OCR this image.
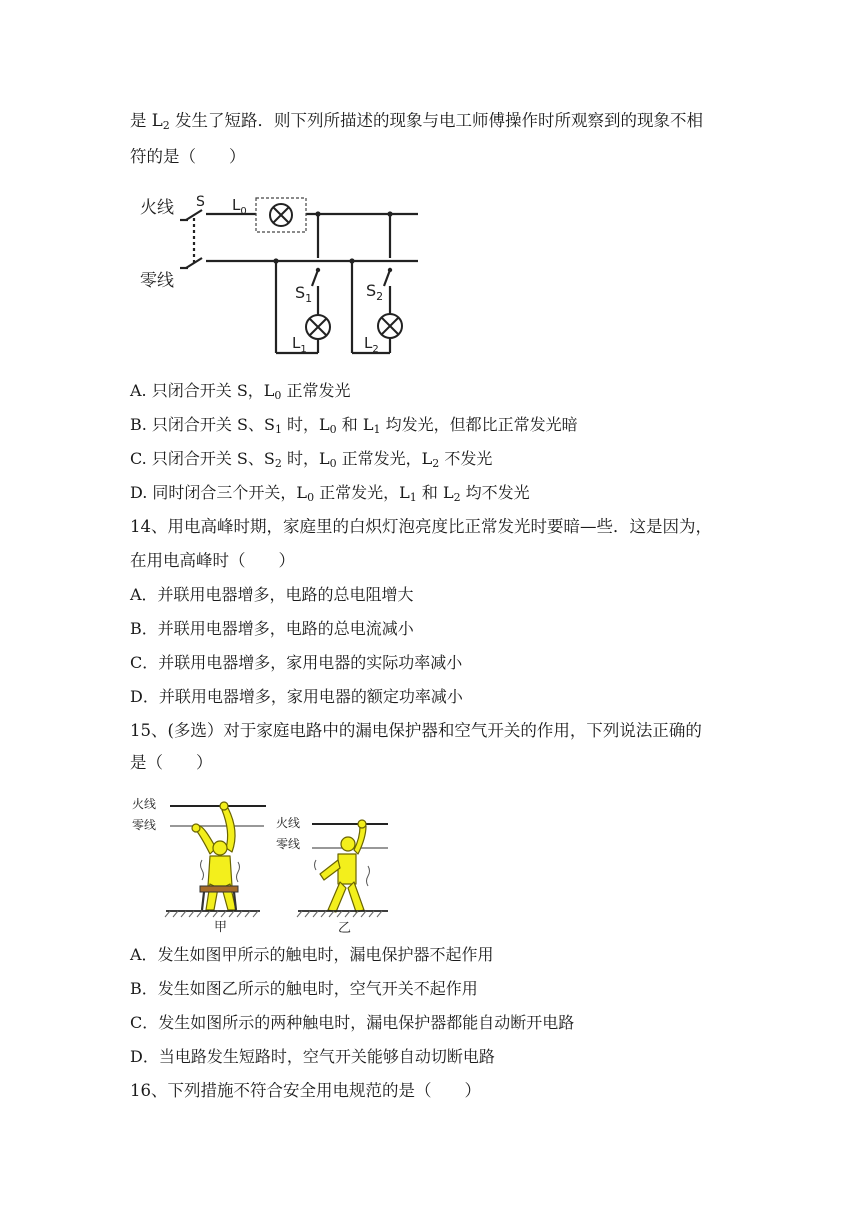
是 $L_2$ 发生了短路．则下列所描述的现象与电工师傅操作时所观察到的现象不相
符的是（　　）
火线
零线
S $L_0$
$S_1$	$S_2$
$L_1$	$L_2$
A. 只闭合开关 S，$L_0$ 正常发光
B. 只闭合开关 S、$S_1$ 时，$L_0$ 和 $L_1$ 均发光，但都比正常发光暗
C. 只闭合开关 S、$S_2$ 时，$L_0$ 正常发光，$L_2$ 不发光
D. 同时闭合三个开关，$L_0$ 正常发光，$L_1$ 和 $L_2$ 均不发光
14、用电高峰时期，家庭里的白炽灯泡亮度比正常发光时要暗—些．这是因为，
在用电高峰时（　　）
A．并联用电器增多，电路的总电阻增大
B．并联用电器增多，电路的总电流减小
C．并联用电器增多，家用电器的实际功率减小
D．并联用电器增多，家用电器的额定功率减小
15、(多选）对于家庭电路中的漏电保护器和空气开关的作用，下列说法正确的
是（　　）
火线
零线
甲
火线
零线
乙
A．发生如图甲所示的触电时，漏电保护器不起作用
B．发生如图乙所示的触电时，空气开关不起作用
C．发生如图所示的两种触电时，漏电保护器都能自动断开电路
D．当电路发生短路时，空气开关能够自动切断电路
16、下列措施不符合安全用电规范的是（　　）
